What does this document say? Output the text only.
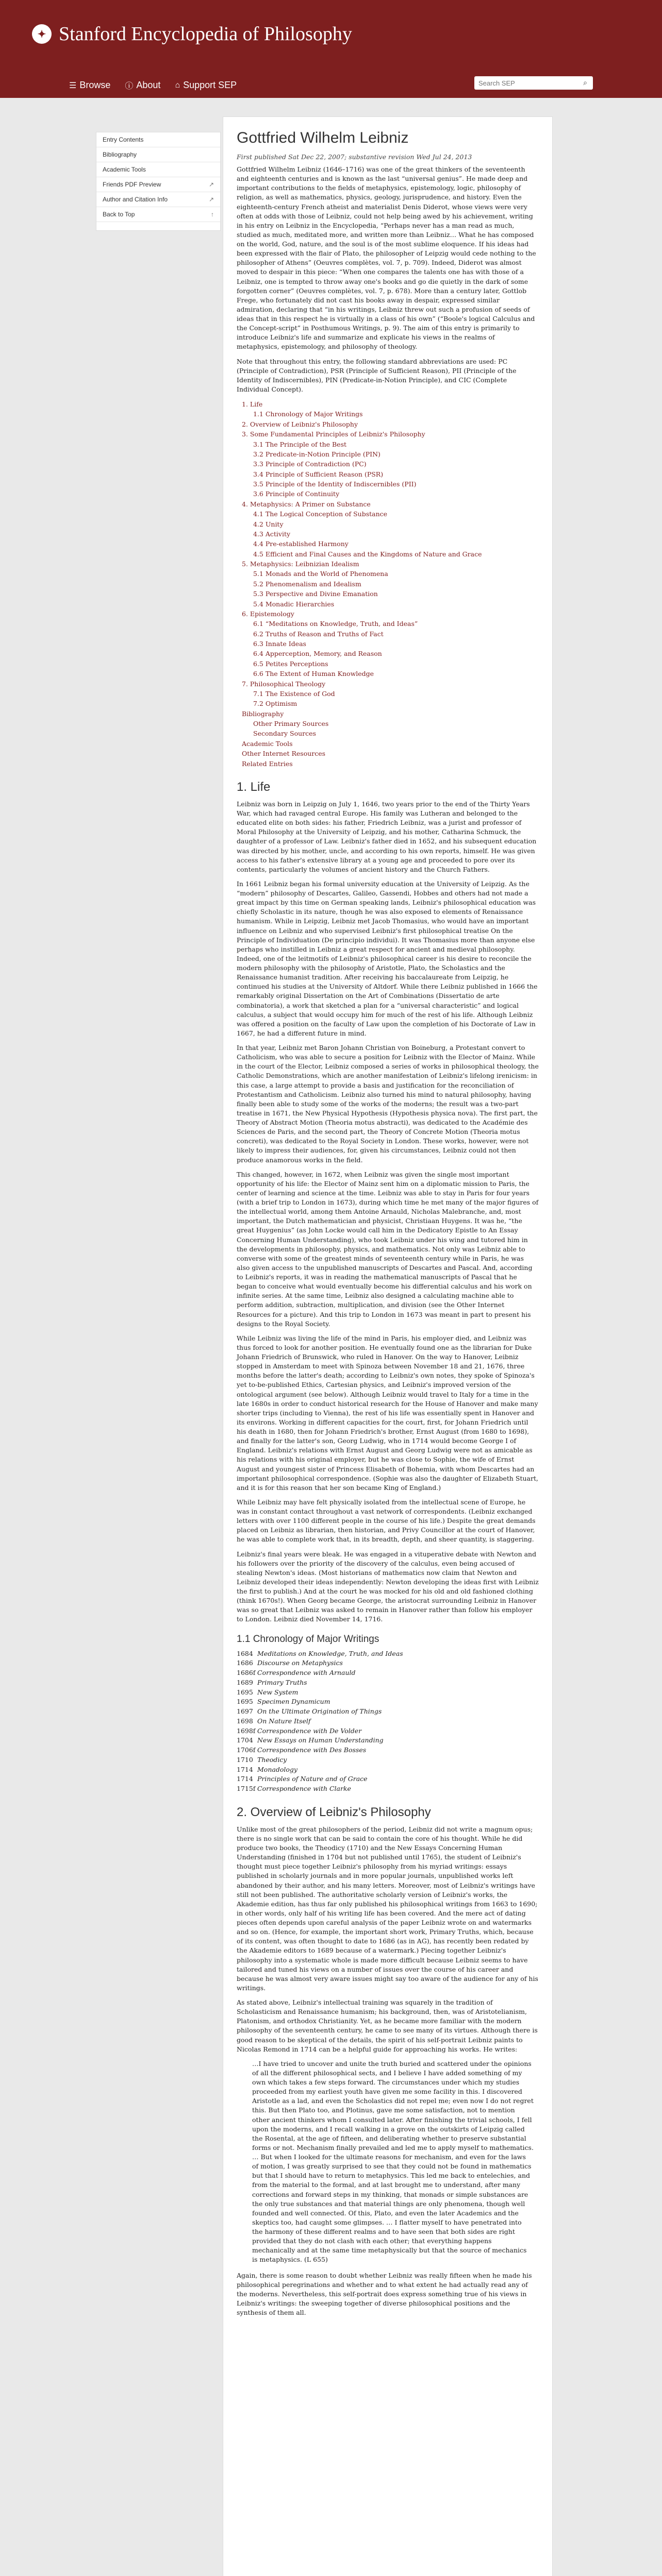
✦ Stanford Encyclopedia of Philosophy
☰ Browse ⓘ About ⌂ Support SEP
Search SEP	⌕
Entry Contents
Bibliography
Academic Tools
Friends PDF Preview	↗
Author and Citation Info	↗
Back to Top	↑
Gottfried Wilhelm Leibniz
First published Sat Dec 22, 2007; substantive revision Wed Jul 24, 2013

Gottfried Wilhelm Leibniz (1646–1716) was one of the great thinkers of the seventeenth and eighteenth centuries and is known as the last “universal genius”. He made deep and important contributions to the fields of metaphysics, epistemology, logic, philosophy of religion, as well as mathematics, physics, geology, jurisprudence, and history. Even the eighteenth-century French atheist and materialist Denis Diderot, whose views were very often at odds with those of Leibniz, could not help being awed by his achievement, writing in his entry on Leibniz in the Encyclopedia, “Perhaps never has a man read as much, studied as much, meditated more, and written more than Leibniz… What he has composed on the world, God, nature, and the soul is of the most sublime eloquence. If his ideas had been expressed with the flair of Plato, the philosopher of Leipzig would cede nothing to the philosopher of Athens” (Oeuvres complètes, vol. 7, p. 709). Indeed, Diderot was almost moved to despair in this piece: “When one compares the talents one has with those of a Leibniz, one is tempted to throw away one's books and go die quietly in the dark of some forgotten corner” (Oeuvres complètes, vol. 7, p. 678). More than a century later, Gottlob Frege, who fortunately did not cast his books away in despair, expressed similar admiration, declaring that “in his writings, Leibniz threw out such a profusion of seeds of ideas that in this respect he is virtually in a class of his own” (“Boole's logical Calculus and the Concept-script” in Posthumous Writings, p. 9). The aim of this entry is primarily to introduce Leibniz's life and summarize and explicate his views in the realms of metaphysics, epistemology, and philosophy of theology.

Note that throughout this entry, the following standard abbreviations are used: PC (Principle of Contradiction), PSR (Principle of Sufficient Reason), PII (Principle of the Identity of Indiscernibles), PIN (Predicate-in-Notion Principle), and CIC (Complete Individual Concept).

1. Life
1.1 Chronology of Major Writings
2. Overview of Leibniz's Philosophy
3. Some Fundamental Principles of Leibniz's Philosophy
3.1 The Principle of the Best
3.2 Predicate-in-Notion Principle (PIN)
3.3 Principle of Contradiction (PC)
3.4 Principle of Sufficient Reason (PSR)
3.5 Principle of the Identity of Indiscernibles (PII)
3.6 Principle of Continuity
4. Metaphysics: A Primer on Substance
4.1 The Logical Conception of Substance
4.2 Unity
4.3 Activity
4.4 Pre-established Harmony
4.5 Efficient and Final Causes and the Kingdoms of Nature and Grace
5. Metaphysics: Leibnizian Idealism
5.1 Monads and the World of Phenomena
5.2 Phenomenalism and Idealism
5.3 Perspective and Divine Emanation
5.4 Monadic Hierarchies
6. Epistemology
6.1 “Meditations on Knowledge, Truth, and Ideas”
6.2 Truths of Reason and Truths of Fact
6.3 Innate Ideas
6.4 Apperception, Memory, and Reason
6.5 Petites Perceptions
6.6 The Extent of Human Knowledge
7. Philosophical Theology
7.1 The Existence of God
7.2 Optimism
Bibliography
Other Primary Sources
Secondary Sources
Academic Tools
Other Internet Resources
Related Entries
1. Life

Leibniz was born in Leipzig on July 1, 1646, two years prior to the end of the Thirty Years War, which had ravaged central Europe. His family was Lutheran and belonged to the educated elite on both sides: his father, Friedrich Leibniz, was a jurist and professor of Moral Philosophy at the University of Leipzig, and his mother, Catharina Schmuck, the daughter of a professor of Law. Leibniz's father died in 1652, and his subsequent education was directed by his mother, uncle, and according to his own reports, himself. He was given access to his father's extensive library at a young age and proceeded to pore over its contents, particularly the volumes of ancient history and the Church Fathers.

In 1661 Leibniz began his formal university education at the University of Leipzig. As the “modern” philosophy of Descartes, Galileo, Gassendi, Hobbes and others had not made a great impact by this time on German speaking lands, Leibniz's philosophical education was chiefly Scholastic in its nature, though he was also exposed to elements of Renaissance humanism. While in Leipzig, Leibniz met Jacob Thomasius, who would have an important influence on Leibniz and who supervised Leibniz's first philosophical treatise On the Principle of Individuation (De principio individui). It was Thomasius more than anyone else perhaps who instilled in Leibniz a great respect for ancient and medieval philosophy. Indeed, one of the leitmotifs of Leibniz's philosophical career is his desire to reconcile the modern philosophy with the philosophy of Aristotle, Plato, the Scholastics and the Renaissance humanist tradition. After receiving his baccalaureate from Leipzig, he continued his studies at the University of Altdorf. While there Leibniz published in 1666 the remarkably original Dissertation on the Art of Combinations (Dissertatio de arte combinatoria), a work that sketched a plan for a “universal characteristic” and logical calculus, a subject that would occupy him for much of the rest of his life. Although Leibniz was offered a position on the faculty of Law upon the completion of his Doctorate of Law in 1667, he had a different future in mind.

In that year, Leibniz met Baron Johann Christian von Boineburg, a Protestant convert to Catholicism, who was able to secure a position for Leibniz with the Elector of Mainz. While in the court of the Elector, Leibniz composed a series of works in philosophical theology, the Catholic Demonstrations, which are another manifestation of Leibniz's lifelong irenicism: in this case, a large attempt to provide a basis and justification for the reconciliation of Protestantism and Catholicism. Leibniz also turned his mind to natural philosophy, having finally been able to study some of the works of the moderns; the result was a two-part treatise in 1671, the New Physical Hypothesis (Hypothesis physica nova). The first part, the Theory of Abstract Motion (Theoria motus abstracti), was dedicated to the Académie des Sciences de Paris, and the second part, the Theory of Concrete Motion (Theoria motus concreti), was dedicated to the Royal Society in London. These works, however, were not likely to impress their audiences, for, given his circumstances, Leibniz could not then produce anamorous works in the field.

This changed, however, in 1672, when Leibniz was given the single most important opportunity of his life: the Elector of Mainz sent him on a diplomatic mission to Paris, the center of learning and science at the time. Leibniz was able to stay in Paris for four years (with a brief trip to London in 1673), during which time he met many of the major figures of the intellectual world, among them Antoine Arnauld, Nicholas Malebranche, and, most important, the Dutch mathematician and physicist, Christiaan Huygens. It was he, “the great Huygenius” (as John Locke would call him in the Dedicatory Epistle to An Essay Concerning Human Understanding), who took Leibniz under his wing and tutored him in the developments in philosophy, physics, and mathematics. Not only was Leibniz able to converse with some of the greatest minds of seventeenth century while in Paris, he was also given access to the unpublished manuscripts of Descartes and Pascal. And, according to Leibniz's reports, it was in reading the mathematical manuscripts of Pascal that he began to conceive what would eventually become his differential calculus and his work on infinite series. At the same time, Leibniz also designed a calculating machine able to perform addition, subtraction, multiplication, and division (see the Other Internet Resources for a picture). And this trip to London in 1673 was meant in part to present his designs to the Royal Society.

While Leibniz was living the life of the mind in Paris, his employer died, and Leibniz was thus forced to look for another position. He eventually found one as the librarian for Duke Johann Friedrich of Brunswick, who ruled in Hanover. On the way to Hanover, Leibniz stopped in Amsterdam to meet with Spinoza between November 18 and 21, 1676, three months before the latter's death; according to Leibniz's own notes, they spoke of Spinoza's yet to-be-published Ethics, Cartesian physics, and Leibniz's improved version of the ontological argument (see below). Although Leibniz would travel to Italy for a time in the late 1680s in order to conduct historical research for the House of Hanover and make many shorter trips (including to Vienna), the rest of his life was essentially spent in Hanover and its environs. Working in different capacities for the court, first, for Johann Friedrich until his death in 1680, then for Johann Friedrich's brother, Ernst August (from 1680 to 1698), and finally for the latter's son, Georg Ludwig, who in 1714 would become George I of England. Leibniz's relations with Ernst August and Georg Ludwig were not as amicable as his relations with his original employer, but he was close to Sophie, the wife of Ernst August and youngest sister of Princess Elisabeth of Bohemia, with whom Descartes had an important philosophical correspondence. (Sophie was also the daughter of Elizabeth Stuart, and it is for this reason that her son became King of England.)

While Leibniz may have felt physically isolated from the intellectual scene of Europe, he was in constant contact throughout a vast network of correspondents. (Leibniz exchanged letters with over 1100 different people in the course of his life.) Despite the great demands placed on Leibniz as librarian, then historian, and Privy Councillor at the court of Hanover, he was able to complete work that, in its breadth, depth, and sheer quantity, is staggering.

Leibniz's final years were bleak. He was engaged in a vituperative debate with Newton and his followers over the priority of the discovery of the calculus, even being accused of stealing Newton's ideas. (Most historians of mathematics now claim that Newton and Leibniz developed their ideas independently: Newton developing the ideas first with Leibniz the first to publish.) And at the court he was mocked for his old and old fashioned clothing (think 1670s!). When Georg became George, the aristocrat surrounding Leibniz in Hanover was so great that Leibniz was asked to remain in Hanover rather than follow his employer to London. Leibniz died November 14, 1716.

1.1 Chronology of Major Writings
1684 Meditations on Knowledge, Truth, and Ideas
1686 Discourse on Metaphysics
1686f Correspondence with Arnauld
1689 Primary Truths
1695 New System
1695 Specimen Dynamicum
1697 On the Ultimate Origination of Things
1698 On Nature Itself
1698f Correspondence with De Volder
1704 New Essays on Human Understanding
1706f Correspondence with Des Bosses
1710 Theodicy
1714 Monadology
1714 Principles of Nature and of Grace
1715f Correspondence with Clarke
2. Overview of Leibniz's Philosophy

Unlike most of the great philosophers of the period, Leibniz did not write a magnum opus; there is no single work that can be said to contain the core of his thought. While he did produce two books, the Theodicy (1710) and the New Essays Concerning Human Understanding (finished in 1704 but not published until 1765), the student of Leibniz's thought must piece together Leibniz's philosophy from his myriad writings: essays published in scholarly journals and in more popular journals, unpublished works left abandoned by their author, and his many letters. Moreover, most of Leibniz's writings have still not been published. The authoritative scholarly version of Leibniz's works, the Akademie edition, has thus far only published his philosophical writings from 1663 to 1690; in other words, only half of his writing life has been covered. And the mere act of dating pieces often depends upon careful analysis of the paper Leibniz wrote on and watermarks and so on. (Hence, for example, the important short work, Primary Truths, which, because of its content, was often thought to date to 1686 (as in AG), has recently been redated by the Akademie editors to 1689 because of a watermark.) Piecing together Leibniz's philosophy into a systematic whole is made more difficult because Leibniz seems to have tailored and tuned his views on a number of issues over the course of his career and because he was almost very aware issues might say too aware of the audience for any of his writings.

As stated above, Leibniz's intellectual training was squarely in the tradition of Scholasticism and Renaissance humanism; his background, then, was of Aristotelianism, Platonism, and orthodox Christianity. Yet, as he became more familiar with the modern philosophy of the seventeenth century, he came to see many of its virtues. Although there is good reason to be skeptical of the details, the spirit of his self-portrait Leibniz paints to Nicolas Remond in 1714 can be a helpful guide for approaching his works. He writes:

…I have tried to uncover and unite the truth buried and scattered under the opinions of all the different philosophical sects, and I believe I have added something of my own which takes a few steps forward. The circumstances under which my studies proceeded from my earliest youth have given me some facility in this. I discovered Aristotle as a lad, and even the Scholastics did not repel me; even now I do not regret this. But then Plato too, and Plotinus, gave me some satisfaction, not to mention other ancient thinkers whom I consulted later. After finishing the trivial schools, I fell upon the moderns, and I recall walking in a grove on the outskirts of Leipzig called the Rosental, at the age of fifteen, and deliberating whether to preserve substantial forms or not. Mechanism finally prevailed and led me to apply myself to mathematics. … But when I looked for the ultimate reasons for mechanism, and even for the laws of motion, I was greatly surprised to see that they could not be found in mathematics but that I should have to return to metaphysics. This led me back to entelechies, and from the material to the formal, and at last brought me to understand, after many corrections and forward steps in my thinking, that monads or simple substances are the only true substances and that material things are only phenomena, though well founded and well connected. Of this, Plato, and even the later Academics and the skeptics too, had caught some glimpses. … I flatter myself to have penetrated into the harmony of these different realms and to have seen that both sides are right provided that they do not clash with each other; that everything happens mechanically and at the same time metaphysically but that the source of mechanics is metaphysics. (L 655)

Again, there is some reason to doubt whether Leibniz was really fifteen when he made his philosophical peregrinations and whether and to what extent he had actually read any of the moderns. Nevertheless, this self-portrait does express something true of his views in Leibniz's writings: the sweeping together of diverse philosophical positions and the synthesis of them all.
